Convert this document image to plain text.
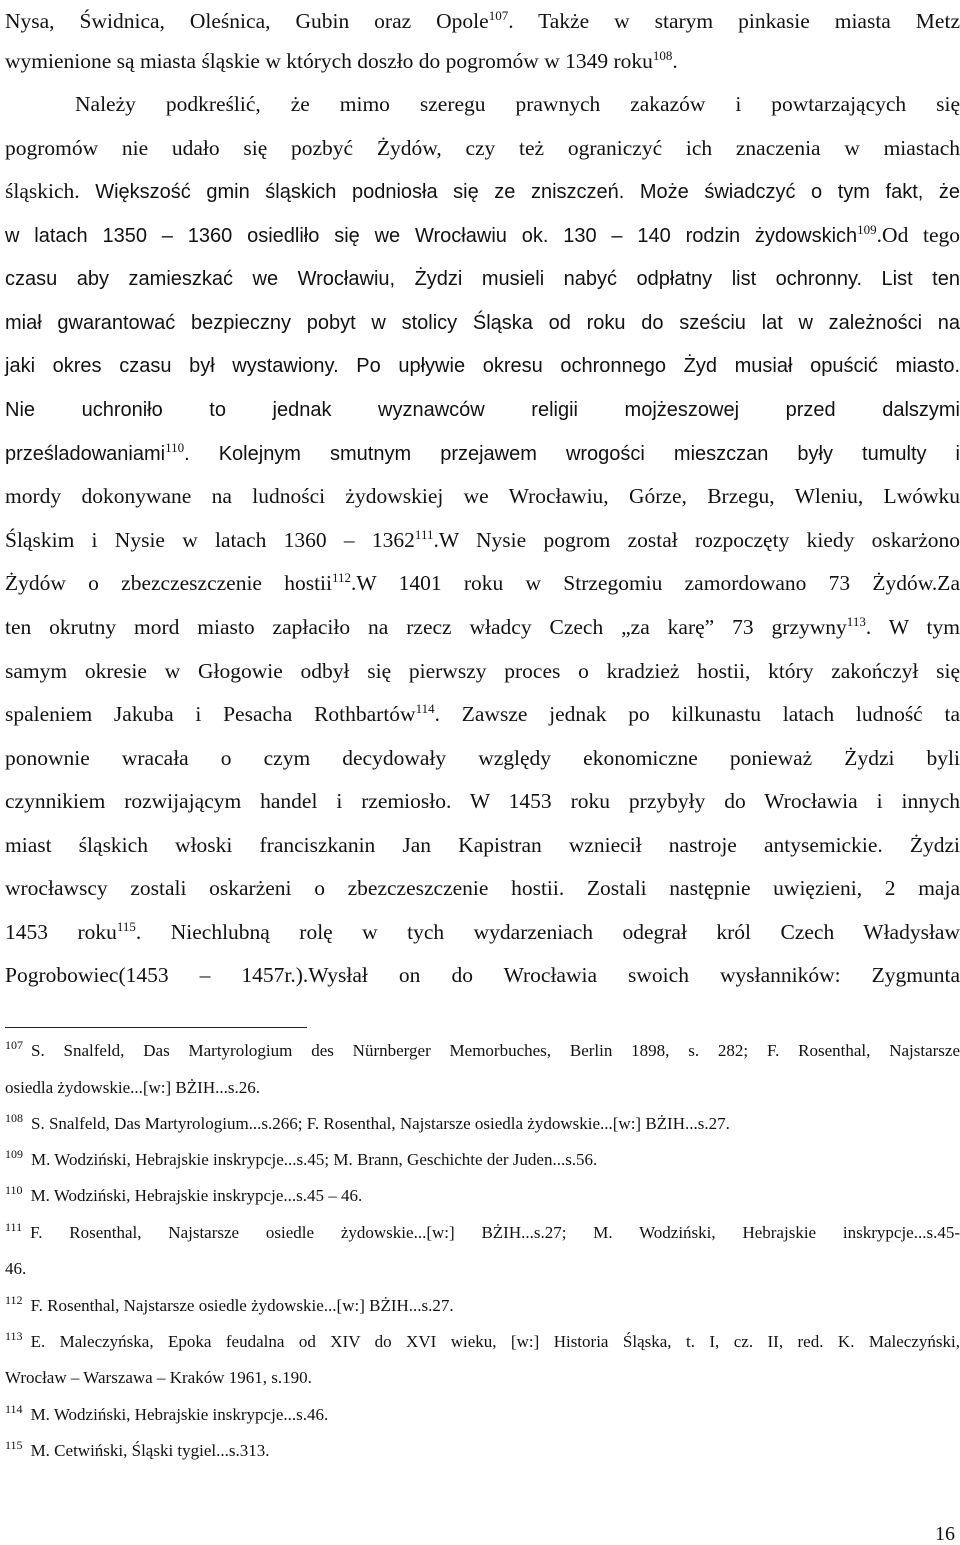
Nysa, Świdnica, Oleśnica, Gubin oraz Opole$^{107}$. Także w starym pinkasie miasta Metz
wymienione są miasta śląskie w których doszło do pogromów w 1349 roku$^{108}$.
Należy podkreślić, że mimo szeregu prawnych zakazów i powtarzających się
pogromów nie udało się pozbyć Żydów, czy też ograniczyć ich znaczenia w miastach
śląskich. Większość gmin śląskich podniosła się ze zniszczeń. Może świadczyć o tym fakt, że
w latach 1350 – 1360 osiedliło się we Wrocławiu ok. 130 – 140 rodzin żydowskich$^{109}$.Od tego
czasu aby zamieszkać we Wrocławiu, Żydzi musieli nabyć odpłatny list ochronny. List ten
miał gwarantować bezpieczny pobyt w stolicy Śląska od roku do sześciu lat w zależności na
jaki okres czasu był wystawiony. Po upływie okresu ochronnego Żyd musiał opuścić miasto.
Nie uchroniło to jednak wyznawców religii mojżeszowej przed dalszymi
prześladowaniami$^{110}$. Kolejnym smutnym przejawem wrogości mieszczan były tumulty i
mordy dokonywane na ludności żydowskiej we Wrocławiu, Górze, Brzegu, Wleniu, Lwówku
Śląskim i Nysie w latach 1360 – 1362$^{111}$.W Nysie pogrom został rozpoczęty kiedy oskarżono
Żydów o zbezczeszczenie hostii$^{112}$.W 1401 roku w Strzegomiu zamordowano 73 Żydów.Za
ten okrutny mord miasto zapłaciło na rzecz władcy Czech „za karę” 73 grzywny$^{113}$. W tym
samym okresie w Głogowie odbył się pierwszy proces o kradzież hostii, który zakończył się
spaleniem Jakuba i Pesacha Rothbartów$^{114}$. Zawsze jednak po kilkunastu latach ludność ta
ponownie wracała o czym decydowały względy ekonomiczne ponieważ Żydzi byli
czynnikiem rozwijającym handel i rzemiosło. W 1453 roku przybyły do Wrocławia i innych
miast śląskich włoski franciszkanin Jan Kapistran wzniecił nastroje antysemickie. Żydzi
wrocławscy zostali oskarżeni o zbezczeszczenie hostii. Zostali następnie uwięzieni, 2 maja
1453 roku$^{115}$. Niechlubną rolę w tych wydarzeniach odegrał król Czech Władysław
Pogrobowiec(1453 – 1457r.).Wysłał on do Wrocławia swoich wysłanników: Zygmunta
$^{107}$ S. Snalfeld, Das Martyrologium des Nürnberger Memorbuches, Berlin 1898, s. 282; F. Rosenthal, Najstarsze
osiedla żydowskie...[w:] BŻIH...s.26.
$^{108}$ S. Snalfeld, Das Martyrologium...s.266; F. Rosenthal, Najstarsze osiedla żydowskie...[w:] BŻIH...s.27.
$^{109}$ M. Wodziński, Hebrajskie inskrypcje...s.45; M. Brann, Geschichte der Juden...s.56.
$^{110}$ M. Wodziński, Hebrajskie inskrypcje...s.45 – 46.
$^{111}$ F. Rosenthal, Najstarsze osiedle żydowskie...[w:] BŻIH...s.27; M. Wodziński, Hebrajskie inskrypcje...s.45-
46.
$^{112}$ F. Rosenthal, Najstarsze osiedle żydowskie...[w:] BŻIH...s.27.
$^{113}$ E. Maleczyńska, Epoka feudalna od XIV do XVI wieku, [w:] Historia Śląska, t. I, cz. II, red. K. Maleczyński,
Wrocław – Warszawa – Kraków 1961, s.190.
$^{114}$ M. Wodziński, Hebrajskie inskrypcje...s.46.
$^{115}$ M. Cetwiński, Śląski tygiel...s.313.
16
